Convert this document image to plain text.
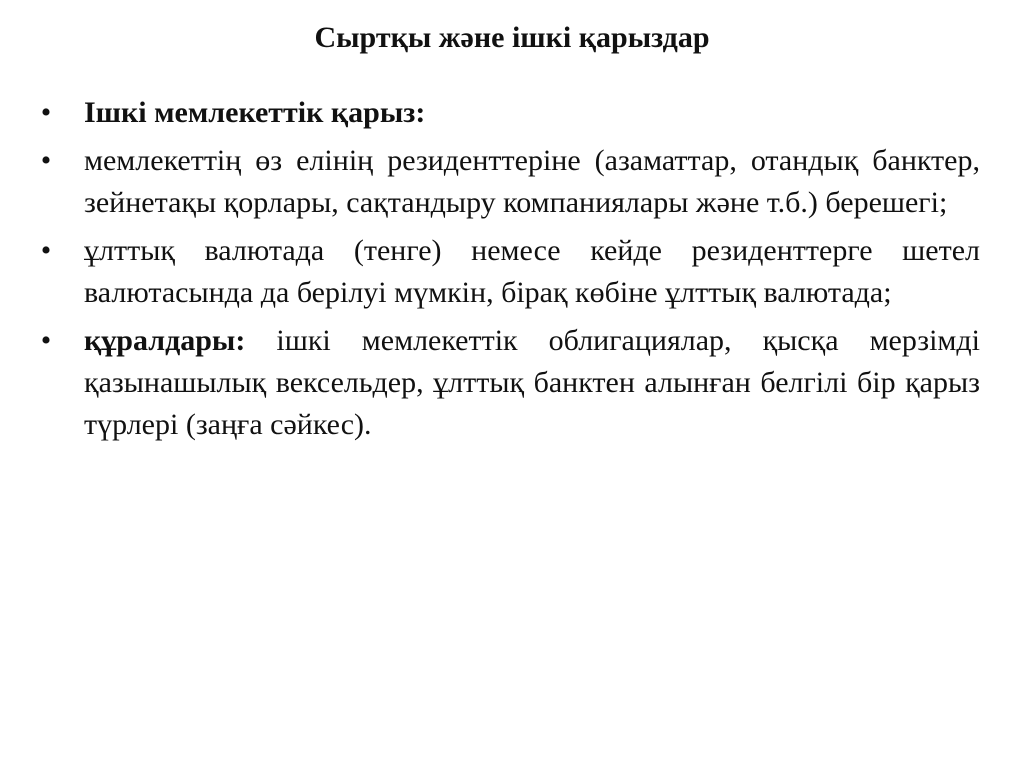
Сыртқы және ішкі қарыздар
• Ішкі мемлекеттік қарыз:
• мемлекеттің өз елінің резиденттеріне (азаматтар, отандық банктер, зейнетақы қорлары, сақтандыру компаниялары және т.б.) берешегі;
• ұлттық валютада (тенге) немесе кейде резиденттерге шетел валютасында да берілуі мүмкін, бірақ көбіне ұлттық валютада;
• құралдары: ішкі мемлекеттік облигациялар, қысқа мерзімді қазынашылық вексельдер, ұлттық банктен алынған белгілі бір қарыз түрлері (заңға сәйкес).
